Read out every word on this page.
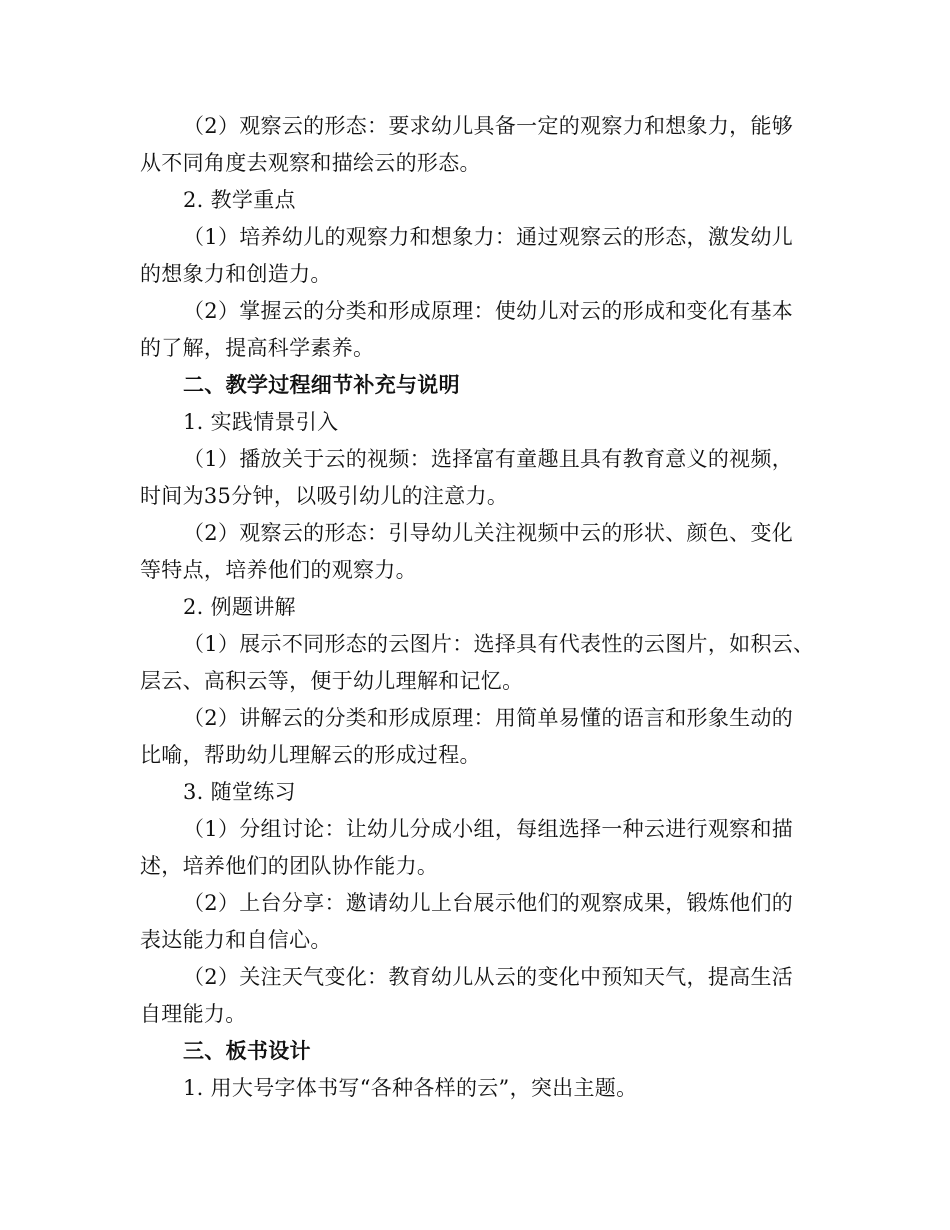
（2）观察云的形态：要求幼儿具备一定的观察力和想象力，能够
从不同角度去观察和描绘云的形态。
2. 教学重点
（1）培养幼儿的观察力和想象力：通过观察云的形态，激发幼儿
的想象力和创造力。
（2）掌握云的分类和形成原理：使幼儿对云的形成和变化有基本
的了解，提高科学素养。
二、教学过程细节补充与说明
1. 实践情景引入
（1）播放关于云的视频：选择富有童趣且具有教育意义的视频，
时间为35分钟，以吸引幼儿的注意力。
（2）观察云的形态：引导幼儿关注视频中云的形状、颜色、变化
等特点，培养他们的观察力。
2. 例题讲解
（1）展示不同形态的云图片：选择具有代表性的云图片，如积云、
层云、高积云等，便于幼儿理解和记忆。
（2）讲解云的分类和形成原理：用简单易懂的语言和形象生动的
比喻，帮助幼儿理解云的形成过程。
3. 随堂练习
（1）分组讨论：让幼儿分成小组，每组选择一种云进行观察和描
述，培养他们的团队协作能力。
（2）上台分享：邀请幼儿上台展示他们的观察成果，锻炼他们的
表达能力和自信心。
（2）关注天气变化：教育幼儿从云的变化中预知天气，提高生活
自理能力。
三、板书设计
1. 用大号字体书写“各种各样的云”，突出主题。
